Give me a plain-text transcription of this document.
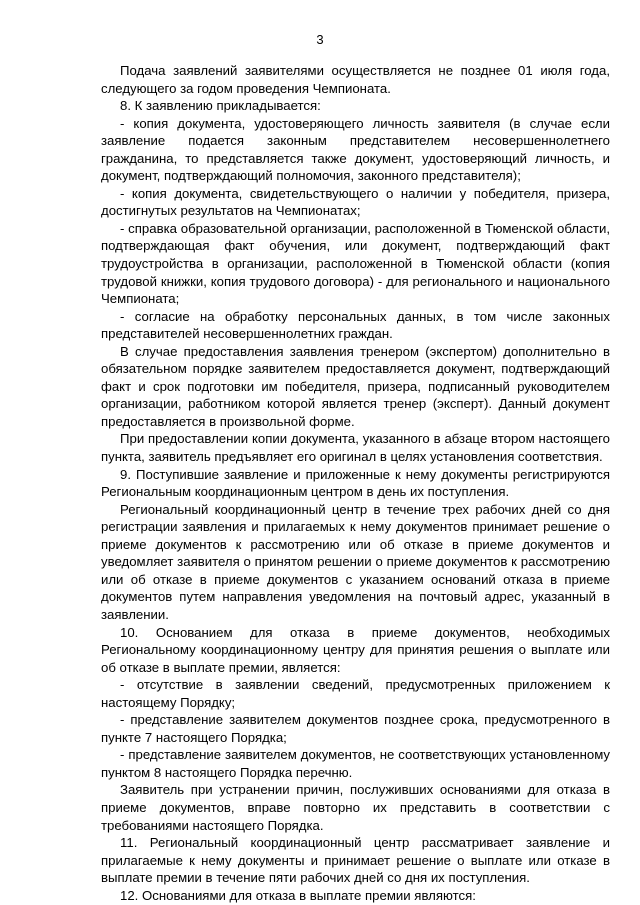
3

Подача заявлений заявителями осуществляется не позднее 01 июля года, следующего за годом проведения Чемпионата.

8. К заявлению прикладывается:

- копия документа, удостоверяющего личность заявителя (в случае если заявление подается законным представителем несовершеннолетнего гражданина, то представляется также документ, удостоверяющий личность, и документ, подтверждающий полномочия, законного представителя);

- копия документа, свидетельствующего о наличии у победителя, призера, достигнутых результатов на Чемпионатах;

- справка образовательной организации, расположенной в Тюменской области, подтверждающая факт обучения, или документ, подтверждающий факт трудоустройства в организации, расположенной в Тюменской области (копия трудовой книжки, копия трудового договора) - для регионального и национального Чемпионата;

- согласие на обработку персональных данных, в том числе законных представителей несовершеннолетних граждан.

В случае предоставления заявления тренером (экспертом) дополнительно в обязательном порядке заявителем предоставляется документ, подтверждающий факт и срок подготовки им победителя, призера, подписанный руководителем организации, работником которой является тренер (эксперт). Данный документ предоставляется в произвольной форме.

При предоставлении копии документа, указанного в абзаце втором настоящего пункта, заявитель предъявляет его оригинал в целях установления соответствия.

9. Поступившие заявление и приложенные к нему документы регистрируются Региональным координационным центром в день их поступления.

Региональный координационный центр в течение трех рабочих дней со дня регистрации заявления и прилагаемых к нему документов принимает решение о приеме документов к рассмотрению или об отказе в приеме документов и уведомляет заявителя о принятом решении о приеме документов к рассмотрению или об отказе в приеме документов с указанием оснований отказа в приеме документов путем направления уведомления на почтовый адрес, указанный в заявлении.

10. Основанием для отказа в приеме документов, необходимых Региональному координационному центру для принятия решения о выплате или об отказе в выплате премии, является:

- отсутствие в заявлении сведений, предусмотренных приложением к настоящему Порядку;

- представление заявителем документов позднее срока, предусмотренного в пункте 7 настоящего Порядка;

- представление заявителем документов, не соответствующих установленному пунктом 8 настоящего Порядка перечню.

Заявитель при устранении причин, послуживших основаниями для отказа в приеме документов, вправе повторно их представить в соответствии с требованиями настоящего Порядка.

11. Региональный координационный центр рассматривает заявление и прилагаемые к нему документы и принимает решение о выплате или отказе в выплате премии в течение пяти рабочих дней со дня их поступления.

12. Основаниями для отказа в выплате премии являются:
